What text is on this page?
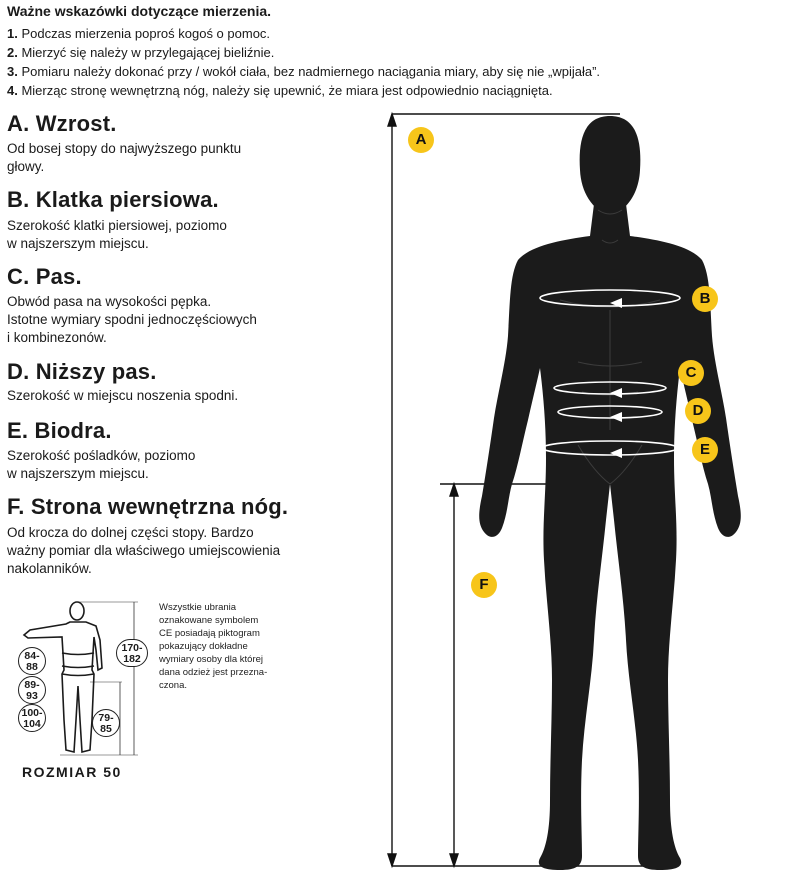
Ważne wskazówki dotyczące mierzenia.
1. Podczas mierzenia poproś kogoś o pomoc.
2. Mierzyć się należy w przylegającej bieliźnie.
3. Pomiaru należy dokonać przy / wokół ciała, bez nadmiernego naciągania miary, aby się nie „wpijała”.
4. Mierząc stronę wewnętrzną nóg, należy się upewnić, że miara jest odpowiednio naciągnięta.
A. Wzrost.
Od bosej stopy do najwyższego punktu
głowy.
B. Klatka piersiowa.
Szerokość klatki piersiowej, poziomo
w najszerszym miejscu.
C. Pas.
Obwód pasa na wysokości pępka.
Istotne wymiary spodni jednoczęściowych
i kombinezonów.
D. Niższy pas.
Szerokość w miejscu noszenia spodni.
E. Biodra.
Szerokość pośladków, poziomo
w najszerszym miejscu.
F. Strona wewnętrzna nóg.
Od krocza do dolnej części stopy. Bardzo
ważny pomiar dla właściwego umiejscowienia
nakolanników.
84-
88
89-
93
100-
104
170-
182
79-
85
ROZMIAR 50
Wszystkie ubrania
oznakowane symbolem
CE posiadają piktogram
pokazujący dokładne
wymiary osoby dla której
dana odzież jest przezna-
czona.
A
B
C
D
E
F
